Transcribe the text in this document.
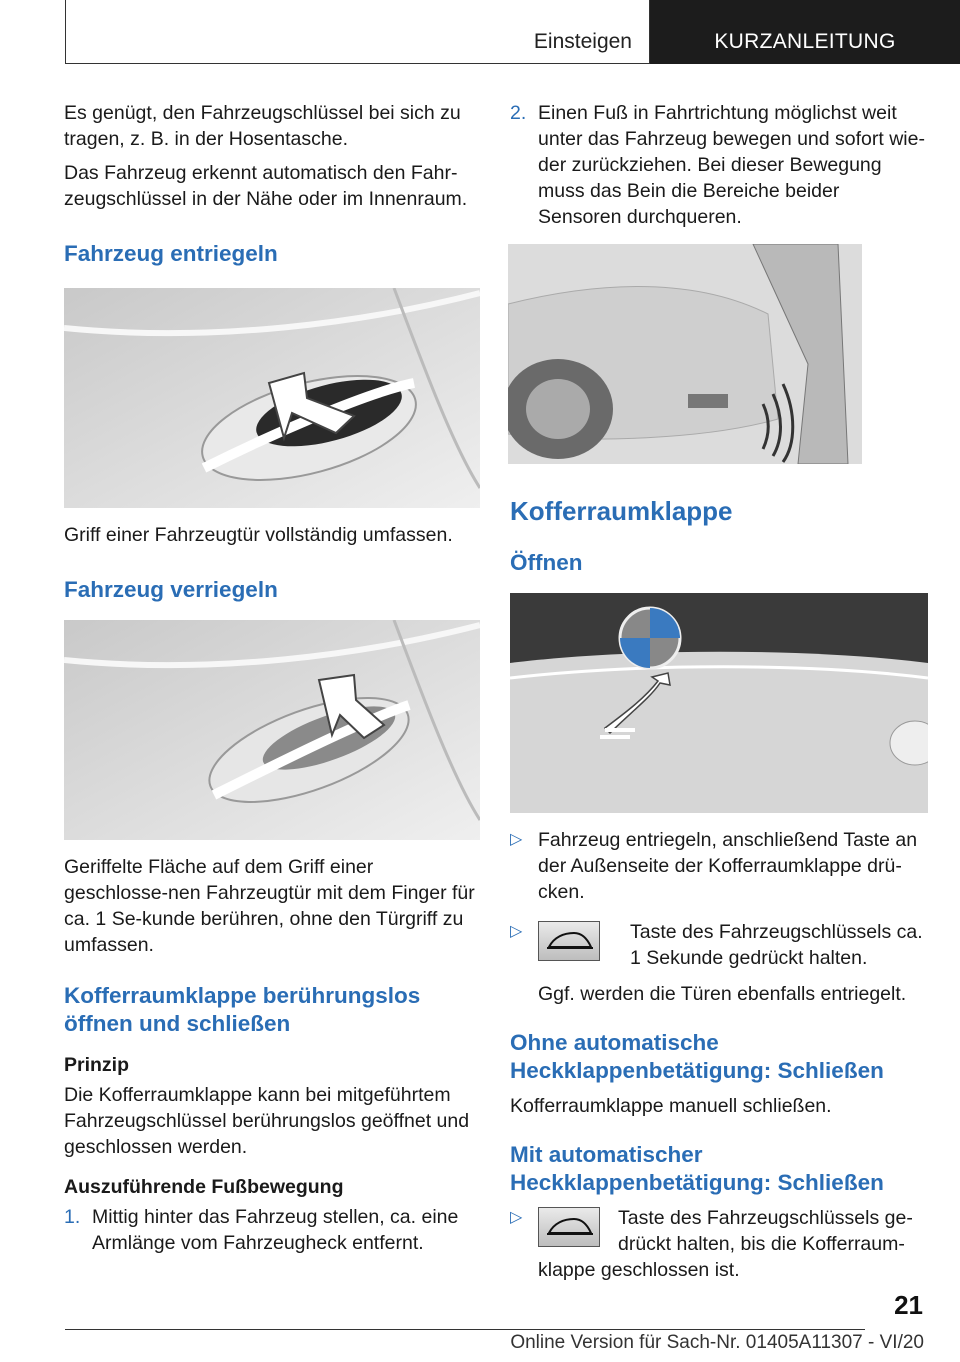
Einsteigen	KURZANLEITUNG

Es genügt, den Fahrzeugschlüssel bei sich zu tragen, z. B. in der Hosentasche.

Das Fahrzeug erkennt automatisch den Fahr‐zeugschlüssel in der Nähe oder im Innenraum.

Fahrzeug entriegeln

Griff einer Fahrzeugtür vollständig umfassen.

Fahrzeug verriegeln

Geriffelte Fläche auf dem Griff einer geschlosse‐nen Fahrzeugtür mit dem Finger für ca. 1 Se‐kunde berühren, ohne den Türgriff zu umfassen.

Kofferraumklappe berührungslos öffnen und schließen
Prinzip

Die Kofferraumklappe kann bei mitgeführtem Fahrzeugschlüssel berührungslos geöffnet und geschlossen werden.

Auszuführende Fußbewegung
1. Mittig hinter das Fahrzeug stellen, ca. eine Armlänge vom Fahrzeugheck entfernt.

2. Einen Fuß in Fahrtrichtung möglichst weit unter das Fahrzeug bewegen und sofort wie‐der zurückziehen. Bei dieser Bewegung muss das Bein die Bereiche beider Sensoren durchqueren.

Kofferraumklappe
Öffnen
▷ Fahrzeug entriegeln, anschließend Taste an der Außenseite der Kofferraumklappe drü‐cken.

▷	Taste des Fahrzeugschlüssels ca. 1 Sekunde gedrückt halten.

Ggf. werden die Türen ebenfalls entriegelt.

Ohne automatische Heckklappenbetätigung: Schließen

Kofferraumklappe manuell schließen.

Mit automatischer Heckklappenbetätigung: Schließen
▷	Taste des Fahrzeugschlüssels ge‐drückt halten, bis die Kofferraum‐klappe geschlossen ist.

21
Online Version für Sach-Nr. 01405A11307 - VI/20
